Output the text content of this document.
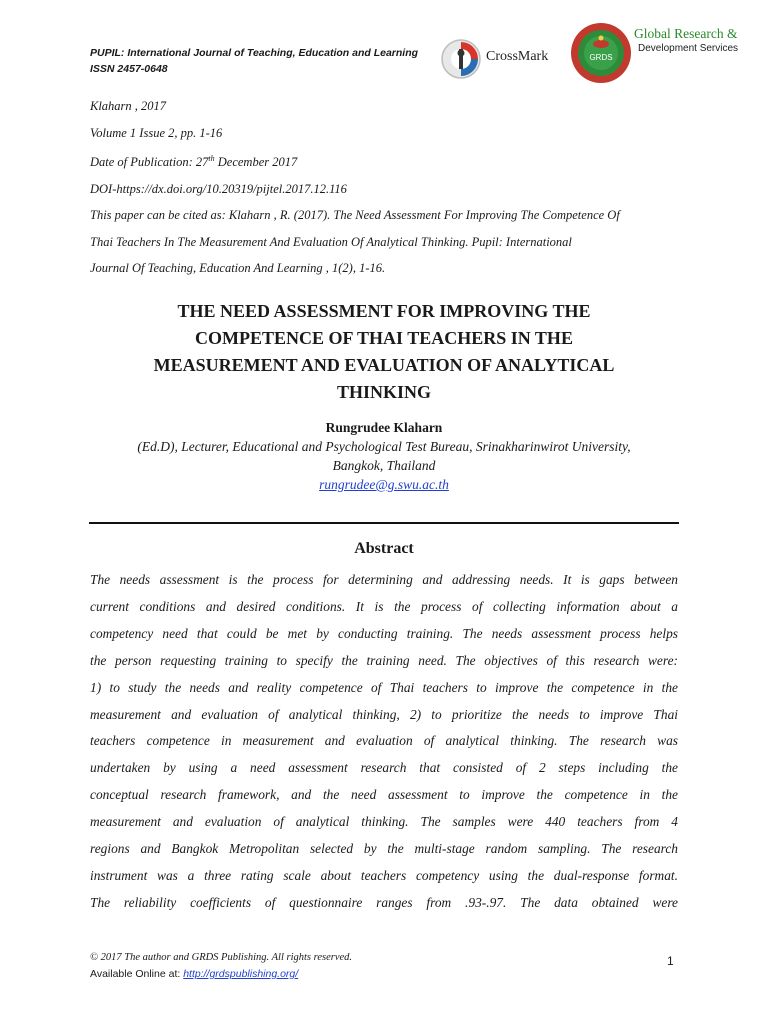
PUPIL: International Journal of Teaching, Education and Learning
ISSN 2457-0648
CrossMark	GRDS
Global Research &
Development Services
Klaharn , 2017
Volume 1 Issue 2, pp. 1-16
Date of Publication: 27th December 2017
DOI-https://dx.doi.org/10.20319/pijtel.2017.12.116
This paper can be cited as: Klaharn , R. (2017). The Need Assessment For Improving The Competence Of
Thai Teachers In The Measurement And Evaluation Of Analytical Thinking. Pupil: International
Journal Of Teaching, Education And Learning , 1(2), 1-16.
THE NEED ASSESSMENT FOR IMPROVING THE
COMPETENCE OF THAI TEACHERS IN THE
MEASUREMENT AND EVALUATION OF ANALYTICAL
THINKING
Rungrudee Klaharn
(Ed.D), Lecturer, Educational and Psychological Test Bureau, Srinakharinwirot University,
Bangkok, Thailand
rungrudee@g.swu.ac.th
Abstract
The needs assessment is the process for determining and addressing needs. It is gaps between
current conditions and desired conditions. It is the process of collecting information about a
competency need that could be met by conducting training. The needs assessment process helps
the person requesting training to specify the training need. The objectives of this research were:
1) to study the needs and reality competence of Thai teachers to improve the competence in the
measurement and evaluation of analytical thinking, 2) to prioritize the needs to improve Thai
teachers competence in measurement and evaluation of analytical thinking. The research was
undertaken by using a need assessment research that consisted of 2 steps including the
conceptual research framework, and the need assessment to improve the competence in the
measurement and evaluation of analytical thinking. The samples were 440 teachers from 4
regions and Bangkok Metropolitan selected by the multi-stage random sampling. The research
instrument was a three rating scale about teachers competency using the dual-response format.
The reliability coefficients of questionnaire ranges from .93-.97. The data obtained were
© 2017 The author and GRDS Publishing. All rights reserved.
Available Online at: http://grdspublishing.org/
1
